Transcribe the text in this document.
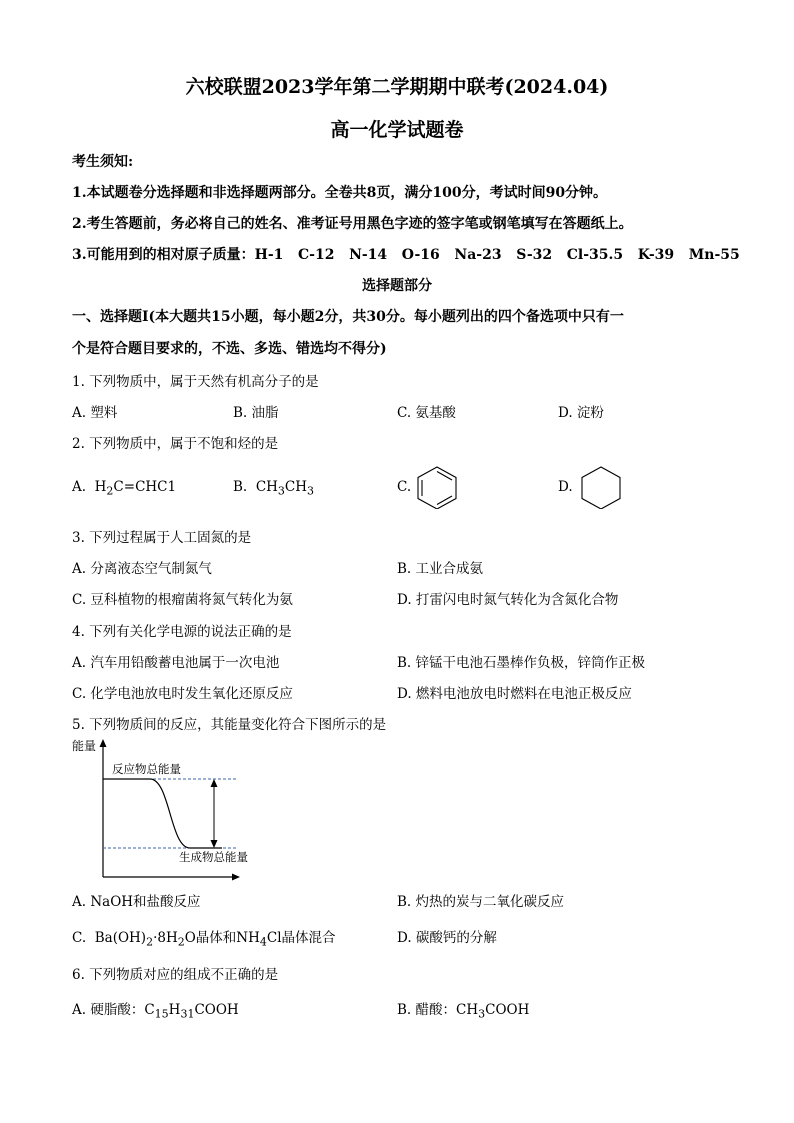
六校联盟2023学年第二学期期中联考(2024.04)
高一化学试题卷
考生须知:
1.本试题卷分选择题和非选择题两部分。全卷共8页，满分100分，考试时间90分钟。
2.考生答题前，务必将自己的姓名、准考证号用黑色字迹的签字笔或钢笔填写在答题纸上。
3.可能用到的相对原子质量：H-1   C-12   N-14   O-16   Na-23   S-32   Cl-35.5   K-39   Mn-55
选择题部分
一、选择题Ⅰ(本大题共15小题，每小题2分，共30分。每小题列出的四个备选项中只有一
个是符合题目要求的，不选、多选、错选均不得分)
1. 下列物质中，属于天然有机高分子的是
A. 塑料	B. 油脂	C. 氨基酸	D. 淀粉
2. 下列物质中，属于不饱和烃的是
A. $H_2C=CHC1$	B. $CH_3CH_3$	C.	D.
3. 下列过程属于人工固氮的是
A. 分离液态空气制氮气	B. 工业合成氨
C. 豆科植物的根瘤菌将氮气转化为氨	D. 打雷闪电时氮气转化为含氮化合物
4. 下列有关化学电源的说法正确的是
A. 汽车用铅酸蓄电池属于一次电池	B. 锌锰干电池石墨棒作负极，锌筒作正极
C. 化学电池放电时发生氧化还原反应	D. 燃料电池放电时燃料在电池正极反应
5. 下列物质间的反应，其能量变化符合下图所示的是
能量
反应物总能量
生成物总能量
A. NaOH和盐酸反应	B. 灼热的炭与二氧化碳反应
C. $Ba(OH)_2\cdot 8H_2O$晶体和$NH_4Cl$晶体混合	D. 碳酸钙的分解
6. 下列物质对应的组成不正确的是
A. 硬脂酸：$C_{15}H_{31}COOH$	B. 醋酸：$CH_3COOH$
